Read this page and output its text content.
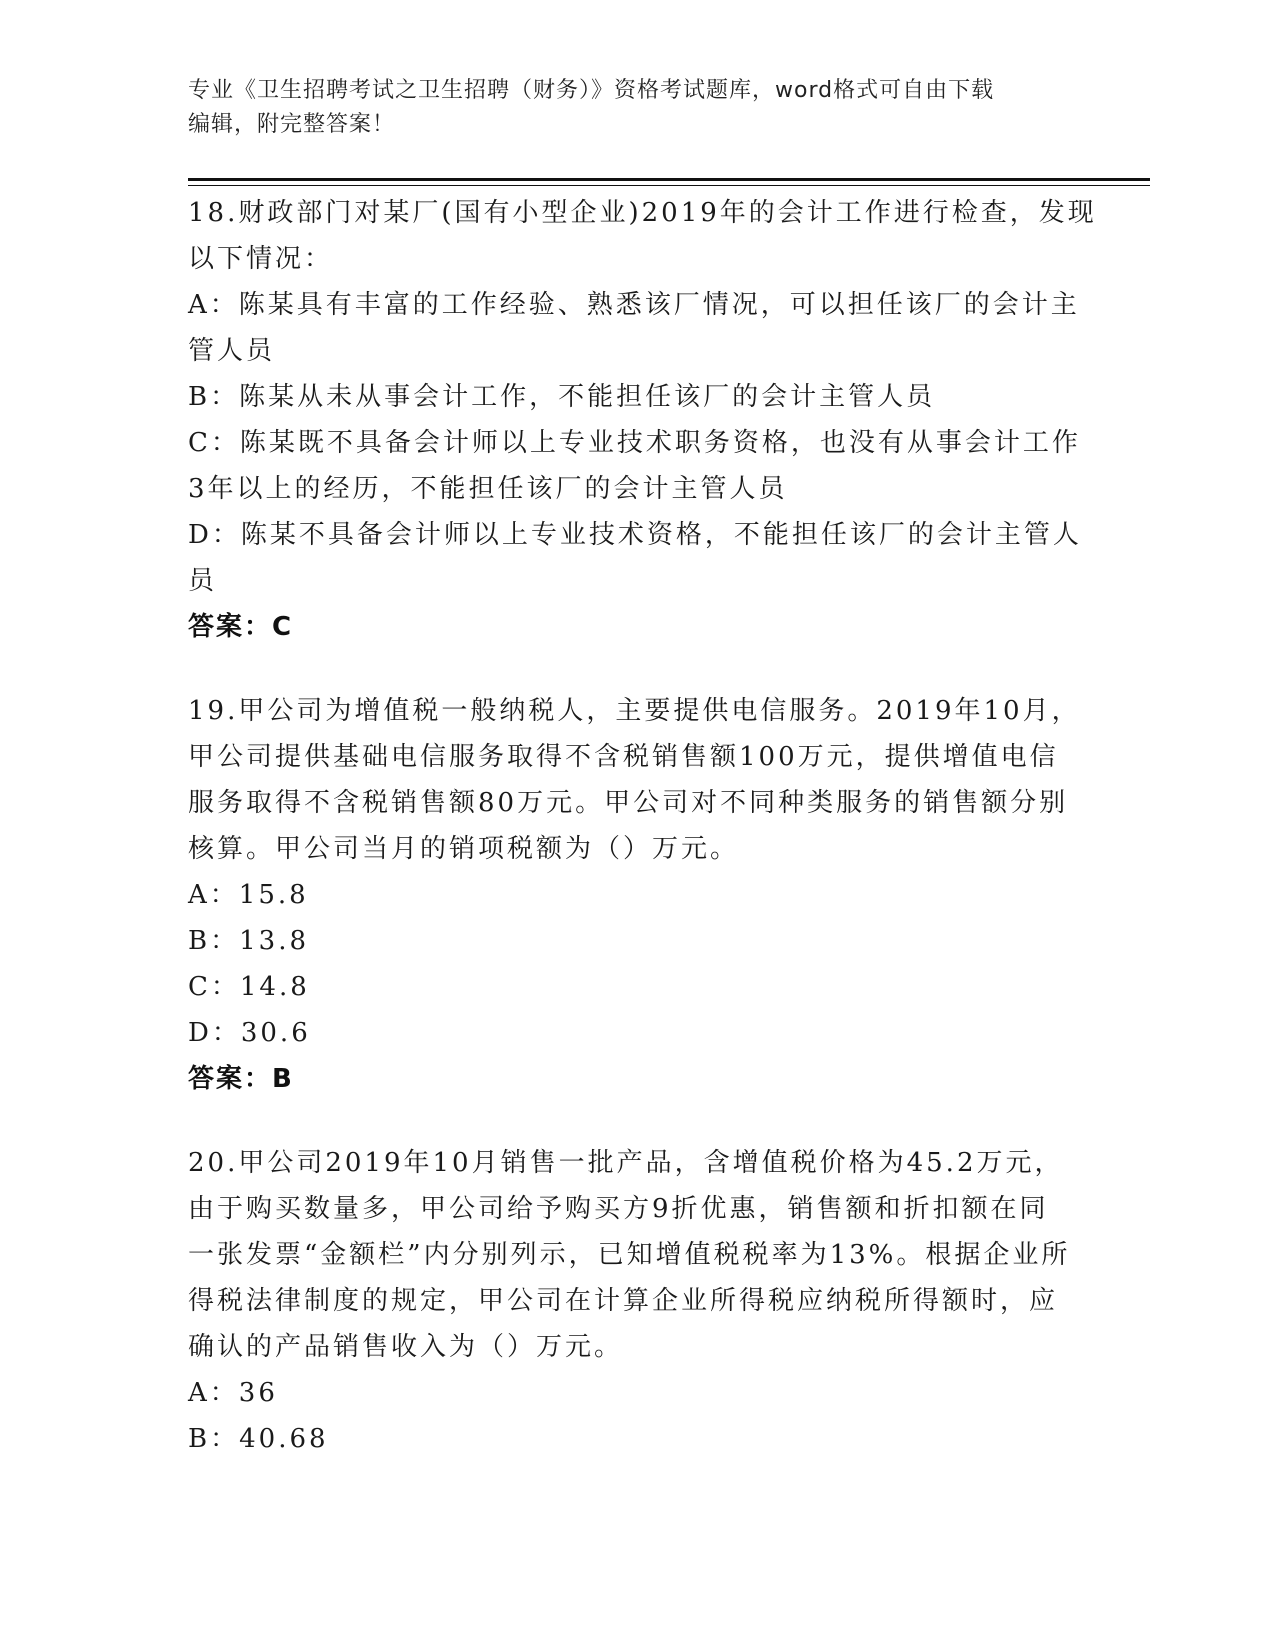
专业《卫生招聘考试之卫生招聘（财务）》资格考试题库，word格式可自由下载
编辑，附完整答案！
18.财政部门对某厂(国有小型企业)2019年的会计工作进行检查，发现
以下情况：
A：陈某具有丰富的工作经验、熟悉该厂情况，可以担任该厂的会计主
管人员
B：陈某从未从事会计工作，不能担任该厂的会计主管人员
C：陈某既不具备会计师以上专业技术职务资格，也没有从事会计工作
3年以上的经历，不能担任该厂的会计主管人员
D：陈某不具备会计师以上专业技术资格，不能担任该厂的会计主管人
员
答案：C
19.甲公司为增值税一般纳税人，主要提供电信服务。2019年10月，
甲公司提供基础电信服务取得不含税销售额100万元，提供增值电信
服务取得不含税销售额80万元。甲公司对不同种类服务的销售额分别
核算。甲公司当月的销项税额为（）万元。
A：15.8
B：13.8
C：14.8
D：30.6
答案：B
20.甲公司2019年10月销售一批产品，含增值税价格为45.2万元，
由于购买数量多，甲公司给予购买方9折优惠，销售额和折扣额在同
一张发票“金额栏”内分别列示，已知增值税税率为13%。根据企业所
得税法律制度的规定，甲公司在计算企业所得税应纳税所得额时，应
确认的产品销售收入为（）万元。
A：36
B：40.68
